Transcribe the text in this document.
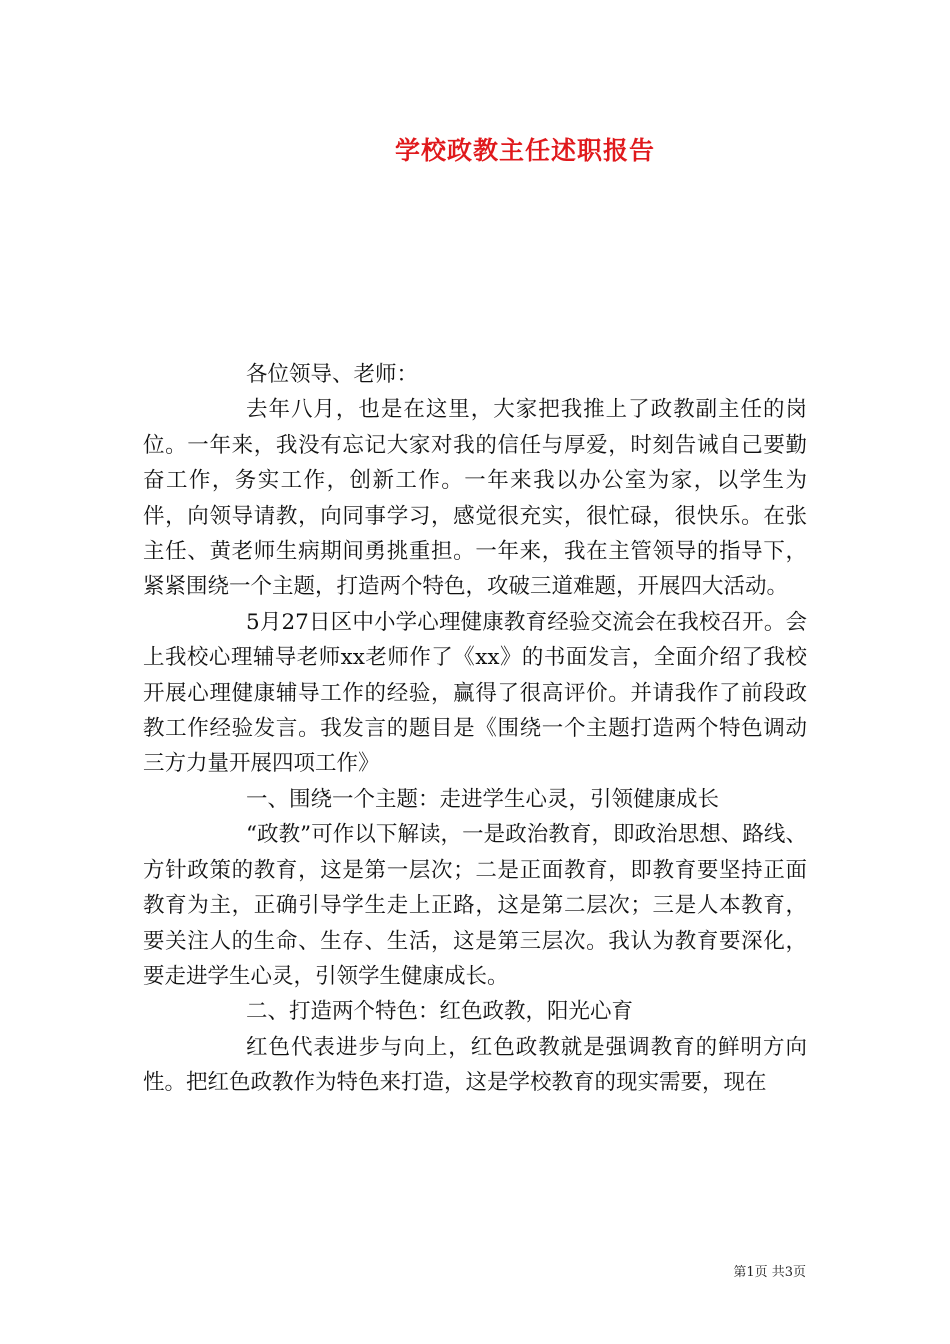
学校政教主任述职报告

各位领导、老师：

去年八月，也是在这里，大家把我推上了政教副主任的岗位。一年来，我没有忘记大家对我的信任与厚爱，时刻告诫自己要勤奋工作，务实工作，创新工作。一年来我以办公室为家，以学生为伴，向领导请教，向同事学习，感觉很充实，很忙碌，很快乐。在张主任、黄老师生病期间勇挑重担。一年来，我在主管领导的指导下，紧紧围绕一个主题，打造两个特色，攻破三道难题，开展四大活动。

5月27日区中小学心理健康教育经验交流会在我校召开。会上我校心理辅导老师xx老师作了《xx》的书面发言，全面介绍了我校开展心理健康辅导工作的经验，赢得了很高评价。并请我作了前段政教工作经验发言。我发言的题目是《围绕一个主题打造两个特色调动三方力量开展四项工作》

一、围绕一个主题：走进学生心灵，引领健康成长

“政教”可作以下解读，一是政治教育，即政治思想、路线、方针政策的教育，这是第一层次；二是正面教育，即教育要坚持正面教育为主，正确引导学生走上正路，这是第二层次；三是人本教育，要关注人的生命、生存、生活，这是第三层次。我认为教育要深化，要走进学生心灵，引领学生健康成长。

二、打造两个特色：红色政教，阳光心育

红色代表进步与向上，红色政教就是强调教育的鲜明方向性。把红色政教作为特色来打造，这是学校教育的现实需要，现在

第1页 共3页
